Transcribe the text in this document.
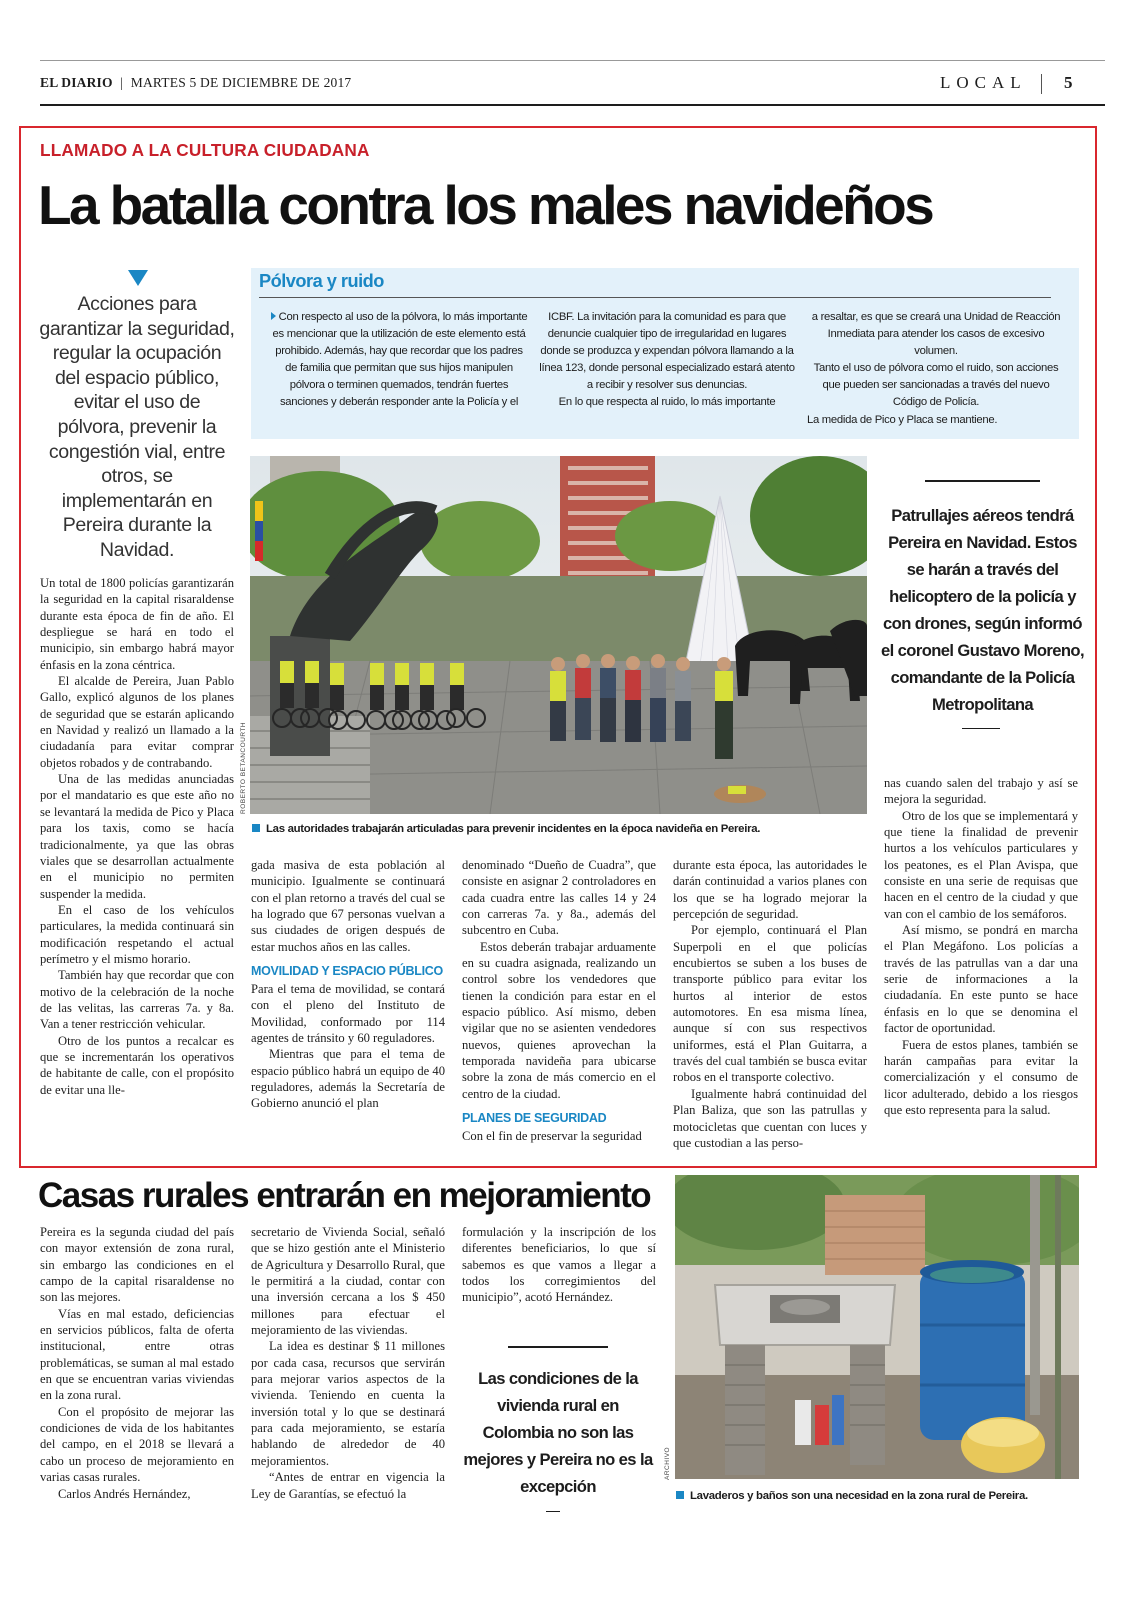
EL DIARIO | MARTES 5 DE DICIEMBRE DE 2017	LOCAL 5
LLAMADO A LA CULTURA CIUDADANA
La batalla contra los males navideños
Acciones para garantizar la seguridad, regular la ocupación del espacio público, evitar el uso de pólvora, prevenir la congestión vial, entre otros, se implementarán en Pereira durante la Navidad.
Pólvora y ruido
Con respecto al uso de la pólvora, lo más importante es mencionar que la utilización de este elemento está prohibido. Además, hay que recordar que los padres de familia que permitan que sus hijos manipulen pólvora o terminen quemados, tendrán fuertes sanciones y deberán responder ante la Policía y el
ICBF. La invitación para la comunidad es para que denuncie cualquier tipo de irregularidad en lugares donde se produzca y expendan pólvora llamando a la línea 123, donde personal especializado estará atento a recibir y resolver sus denuncias.
En lo que respecta al ruido, lo más importante
a resaltar, es que se creará una Unidad de Reacción Inmediata para atender los casos de excesivo volumen.
Tanto el uso de pólvora como el ruido, son acciones que pueden ser sancionadas a través del nuevo Código de Policía.
La medida de Pico y Placa se mantiene.
ROBERTO BETANCOURTH
Las autoridades trabajarán articuladas para prevenir incidentes en la época navideña en Pereira.
Patrullajes aéreos tendrá Pereira en Navidad. Estos se harán a través del helicoptero de la policía y con drones, según informó el coronel Gustavo Moreno, comandante de la Policía Metropolitana

Un total de 1800 policías garantizarán la seguridad en la capital risaraldense durante esta época de fin de año. El despliegue se hará en todo el municipio, sin embargo habrá mayor énfasis en la zona céntrica.

El alcalde de Pereira, Juan Pablo Gallo, explicó algunos de los planes de seguridad que se estarán aplicando en Navidad y realizó un llamado a la ciudadanía para evitar comprar objetos robados y de contrabando.

Una de las medidas anunciadas por el mandatario es que este año no se levantará la medida de Pico y Placa para los taxis, como se hacía tradicionalmente, ya que las obras viales que se desarrollan actualmente en el municipio no permiten suspender la medida.

En el caso de los vehículos particulares, la medida continuará sin modificación respetando el actual perímetro y el mismo horario.

También hay que recordar que con motivo de la celebración de la noche de las velitas, las carreras 7a. y 8a. Van a tener restricción vehicular.

Otro de los puntos a recalcar es que se incrementarán los operativos de habitante de calle, con el propósito de evitar una lle-

gada masiva de esta población al municipio. Igualmente se continuará con el plan retorno a través del cual se ha logrado que 67 personas vuelvan a sus ciudades de origen después de estar muchos años en las calles.

MOVILIDAD Y ESPACIO PÚBLICO

Para el tema de movilidad, se contará con el pleno del Instituto de Movilidad, conformado por 114 agentes de tránsito y 60 reguladores.

Mientras que para el tema de espacio público habrá un equipo de 40 reguladores, además la Secretaría de Gobierno anunció el plan

denominado “Dueño de Cuadra”, que consiste en asignar 2 controladores en cada cuadra entre las calles 14 y 24 con carreras 7a. y 8a., además del subcentro en Cuba.

Estos deberán trabajar arduamente en su cuadra asignada, realizando un control sobre los vendedores que tienen la condición para estar en el espacio público. Así mismo, deben vigilar que no se asienten vendedores nuevos, quienes aprovechan la temporada navideña para ubicarse sobre la zona de más comercio en el centro de la ciudad.

PLANES DE SEGURIDAD

Con el fin de preservar la seguridad

durante esta época, las autoridades le darán continuidad a varios planes con los que se ha logrado mejorar la percepción de seguridad.

Por ejemplo, continuará el Plan Superpoli en el que policías encubiertos se suben a los buses de transporte público para evitar los hurtos al interior de estos automotores. En esa misma línea, aunque sí con sus respectivos uniformes, está el Plan Guitarra, a través del cual también se busca evitar robos en el transporte colectivo.

Igualmente habrá continuidad del Plan Baliza, que son las patrullas y motocicletas que cuentan con luces y que custodian a las perso-

nas cuando salen del trabajo y así se mejora la seguridad.

Otro de los que se implementará y que tiene la finalidad de prevenir hurtos a los vehículos particulares y los peatones, es el Plan Avispa, que consiste en una serie de requisas que hacen en el centro de la ciudad y que van con el cambio de los semáforos.

Así mismo, se pondrá en marcha el Plan Megáfono. Los policías a través de las patrullas van a dar una serie de informaciones a la ciudadanía. En este punto se hace énfasis en lo que se denomina el factor de oportunidad.

Fuera de estos planes, también se harán campañas para evitar la comercialización y el consumo de licor adulterado, debido a los riesgos que esto representa para la salud.

Casas rurales entrarán en mejoramiento

Pereira es la segunda ciudad del país con mayor extensión de zona rural, sin embargo las condiciones en el campo de la capital risaraldense no son las mejores.

Vías en mal estado, deficiencias en servicios públicos, falta de oferta institucional, entre otras problemáticas, se suman al mal estado en que se encuentran varias viviendas en la zona rural.

Con el propósito de mejorar las condiciones de vida de los habitantes del campo, en el 2018 se llevará a cabo un proceso de mejoramiento en varias casas rurales.

Carlos Andrés Hernández,

secretario de Vivienda Social, señaló que se hizo gestión ante el Ministerio de Agricultura y Desarrollo Rural, que le permitirá a la ciudad, contar con una inversión cercana a los $ 450 millones para efectuar el mejoramiento de las viviendas.

La idea es destinar $ 11 millones por cada casa, recursos que servirán para mejorar varios aspectos de la vivienda. Teniendo en cuenta la inversión total y lo que se destinará para cada mejoramiento, se estaría hablando de alrededor de 40 mejoramientos.

“Antes de entrar en vigencia la Ley de Garantías, se efectuó la

formulación y la inscripción de los diferentes beneficiarios, lo que sí sabemos es que vamos a llegar a todos los corregimientos del municipio”, acotó Hernández.

Las condiciones de la vivienda rural en Colombia no son las mejores y Pereira no es la excepción
ARCHIVO
Lavaderos y baños son una necesidad en la zona rural de Pereira.
